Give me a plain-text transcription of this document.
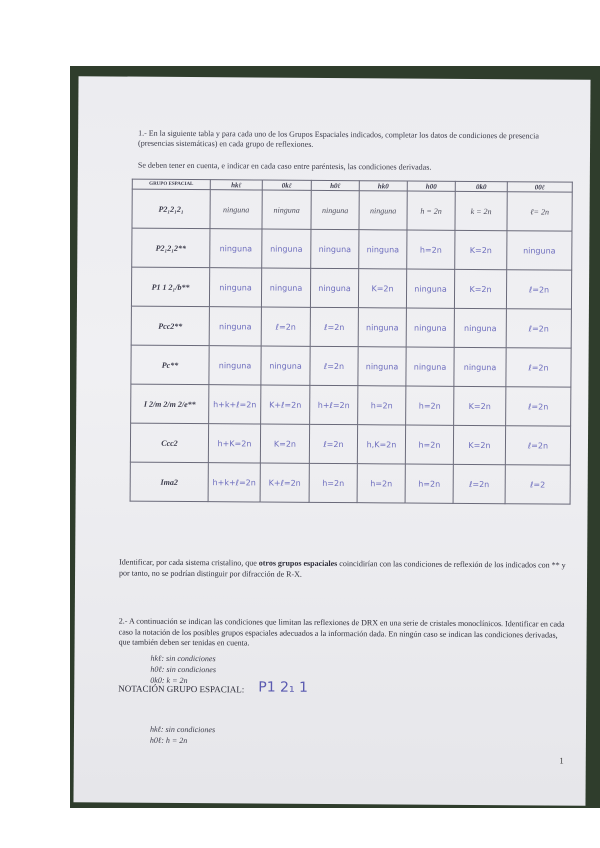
1.- En la siguiente tabla y para cada uno de los Grupos Espaciales indicados, completar los datos de condiciones de presencia (presencias sistemáticas) en cada grupo de reflexiones.
Se deben tener en cuenta, e indicar en cada caso entre paréntesis, las condiciones derivadas.
GRUPO ESPACIAL	hkℓ	0kℓ	h0ℓ	hk0	h00	0k0	00ℓ
P2₁2₁2₁	ninguna	ninguna	ninguna	ninguna	h = 2n	k = 2n	ℓ= 2n
P2₁2₁2**	ninguna	ninguna	ninguna	ninguna	h=2n	K=2n	ninguna
P1 1 2₁/b**	ninguna	ninguna	ninguna	K=2n	ninguna	K=2n	ℓ=2n
Pcc2**	ninguna	ℓ=2n	ℓ=2n	ninguna	ninguna	ninguna	ℓ=2n
Pc**	ninguna	ninguna	ℓ=2n	ninguna	ninguna	ninguna	ℓ=2n
I 2/m 2/m 2/e**	h+k+ℓ=2n	K+ℓ=2n	h+ℓ=2n	h=2n	h=2n	K=2n	ℓ=2n
Ccc2	h+K=2n	K=2n	ℓ=2n	h,K=2n	h=2n	K=2n	ℓ=2n
Ima2	h+k+ℓ=2n	K+ℓ=2n	h=2n	h=2n	h=2n	ℓ=2n	ℓ=2
Identificar, por cada sistema cristalino, que otros grupos espaciales coincidirían con las condiciones de reflexión de los indicados con ** y por tanto, no se podrían distinguir por difracción de R-X.
2.- A continuación se indican las condiciones que limitan las reflexiones de DRX en una serie de cristales monoclínicos. Identificar en cada caso la notación de los posibles grupos espaciales adecuados a la información dada. En ningún caso se indican las condiciones derivadas, que también deben ser tenidas en cuenta.
hkℓ: sin condiciones
h0ℓ: sin condiciones
0k0: k = 2n
NOTACIÓN GRUPO ESPACIAL: P1 2₁ 1
hkℓ: sin condiciones
h0ℓ: h = 2n
1
